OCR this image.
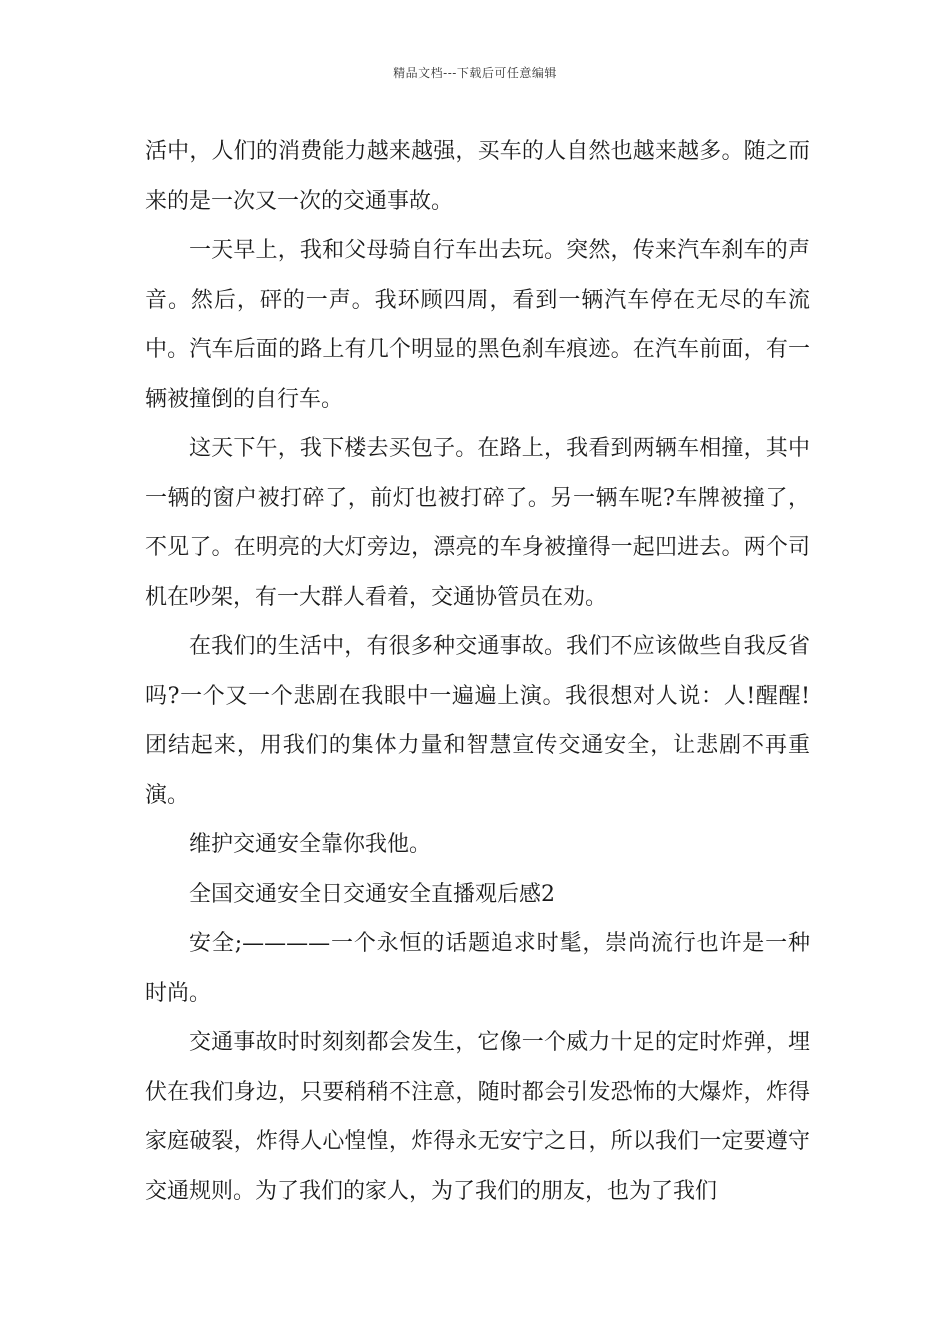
精品文档---下载后可任意编辑

活中，人们的消费能力越来越强，买车的人自然也越来越多。随之而来的是一次又一次的交通事故。

一天早上，我和父母骑自行车出去玩。突然，传来汽车刹车的声音。然后，砰的一声。我环顾四周，看到一辆汽车停在无尽的车流中。汽车后面的路上有几个明显的黑色刹车痕迹。在汽车前面，有一辆被撞倒的自行车。

这天下午，我下楼去买包子。在路上，我看到两辆车相撞，其中一辆的窗户被打碎了，前灯也被打碎了。另一辆车呢?车牌被撞了，不见了。在明亮的大灯旁边，漂亮的车身被撞得一起凹进去。两个司机在吵架，有一大群人看着，交通协管员在劝。

在我们的生活中，有很多种交通事故。我们不应该做些自我反省吗?一个又一个悲剧在我眼中一遍遍上演。我很想对人说：人!醒醒!团结起来，用我们的集体力量和智慧宣传交通安全，让悲剧不再重演。

维护交通安全靠你我他。

全国交通安全日交通安全直播观后感2

安全;————一个永恒的话题追求时髦，崇尚流行也许是一种时尚。

交通事故时时刻刻都会发生，它像一个威力十足的定时炸弹，埋伏在我们身边，只要稍稍不注意，随时都会引发恐怖的大爆炸，炸得家庭破裂，炸得人心惶惶，炸得永无安宁之日，所以我们一定要遵守交通规则。为了我们的家人，为了我们的朋友，也为了我们
